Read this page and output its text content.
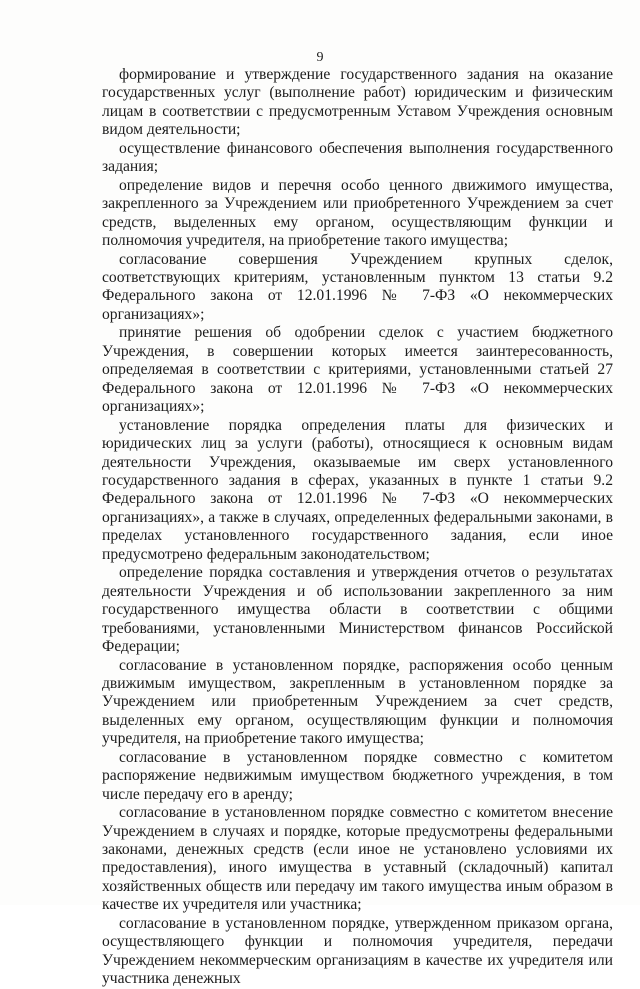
9

формирование и утверждение государственного задания на оказание государственных услуг (выполнение работ) юридическим и физическим лицам в соответствии с предусмотренным Уставом Учреждения основным видом деятельности;

осуществление финансового обеспечения выполнения государственного задания;

определение видов и перечня особо ценного движимого имущества, закрепленного за Учреждением или приобретенного Учреждением за счет средств, выделенных ему органом, осуществляющим функции и полномочия учредителя, на приобретение такого имущества;

согласование совершения Учреждением крупных сделок, соответствующих критериям, установленным пунктом 13 статьи 9.2 Федерального закона от 12.01.1996 № 7-ФЗ «О некоммерческих организациях»;

принятие решения об одобрении сделок с участием бюджетного Учреждения, в совершении которых имеется заинтересованность, определяемая в соответствии с критериями, установленными статьей 27 Федерального закона от 12.01.1996 № 7-ФЗ «О некоммерческих организациях»;

установление порядка определения платы для физических и юридических лиц за услуги (работы), относящиеся к основным видам деятельности Учреждения, оказываемые им сверх установленного государственного задания в сферах, указанных в пункте 1 статьи 9.2 Федерального закона от 12.01.1996 № 7-ФЗ «О некоммерческих организациях», а также в случаях, определенных федеральными законами, в пределах установленного государственного задания, если иное предусмотрено федеральным законодательством;

определение порядка составления и утверждения отчетов о результатах деятельности Учреждения и об использовании закрепленного за ним государственного имущества области в соответствии с общими требованиями, установленными Министерством финансов Российской Федерации;

согласование в установленном порядке, распоряжения особо ценным движимым имуществом, закрепленным в установленном порядке за Учреждением или приобретенным Учреждением за счет средств, выделенных ему органом, осуществляющим функции и полномочия учредителя, на приобретение такого имущества;

согласование в установленном порядке совместно с комитетом распоряжение недвижимым имуществом бюджетного учреждения, в том числе передачу его в аренду;

согласование в установленном порядке совместно с комитетом внесение Учреждением в случаях и порядке, которые предусмотрены федеральными законами, денежных средств (если иное не установлено условиями их предоставления), иного имущества в уставный (складочный) капитал хозяйственных обществ или передачу им такого имущества иным образом в качестве их учредителя или участника;

согласование в установленном порядке, утвержденном приказом органа, осуществляющего функции и полномочия учредителя, передачи Учреждением некоммерческим организациям в качестве их учредителя или участника денежных
